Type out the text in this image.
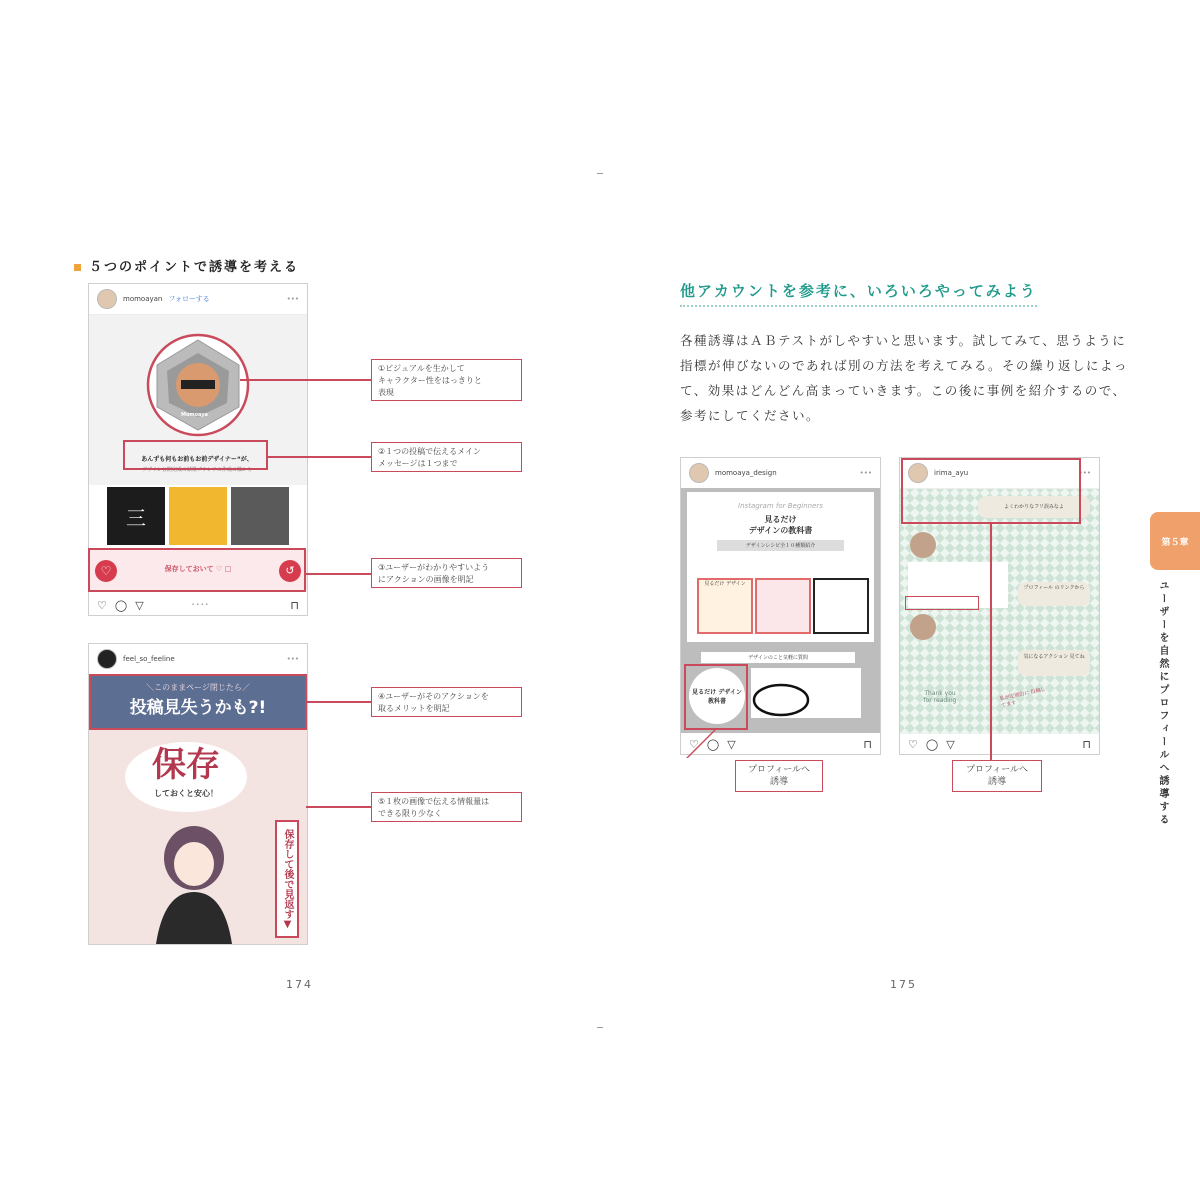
５つのポイントで誘導を考える
momoayan フォローする	•••
Momoaya
あんずも何もお前もお前デザイナー“が、
デザイン公開完成の結果ブランドの作成の様から
三
♡	↺
保存しておいて ♡ □
♡ ◯ ▽	• • • •	⊓
feel_so_feeline	•••
＼このままページ閉じたら／
投稿見失うかも?!
保存
しておくと安心！
保存して後で見返す▼
①ビジュアルを生かして
キャラクター性をはっきりと
表現
②１つの投稿で伝えるメイン
メッセージは１つまで
③ユーザーがわかりやすいよう
にアクションの画像を明記
④ユーザーがそのアクションを
取るメリットを明記
⑤１枚の画像で伝える情報量は
できる限り少なく
174
他アカウントを参考に、いろいろやってみよう
各種誘導はＡＢテストがしやすいと思います。試してみて、思うように指標が伸びないのであれば別の方法を考えてみる。その繰り返しによって、効果はどんどん高まっていきます。この後に事例を紹介するので、参考にしてください。
momoaya_design	•••
Instagram for Beginners
見るだけ
デザインの教科書
デザインレシピ全１０種類紹介
見るだけ デザイン
デザインのこと気軽に質問
見るだけ デザイン 教科書
♡ ◯ ▽	⊓
irima_ayu	•••
よくわかりなフリ誤みなよ
プロフィール のリンクから
気になるアクション 見てね
Thank you
for reading	私が定期的に 投稿してます
♡ ◯ ▽	⊓
プロフィールへ
誘導
プロフィールへ
誘導
第５章
ユーザーを自然にプロフィールへ誘導する
175
